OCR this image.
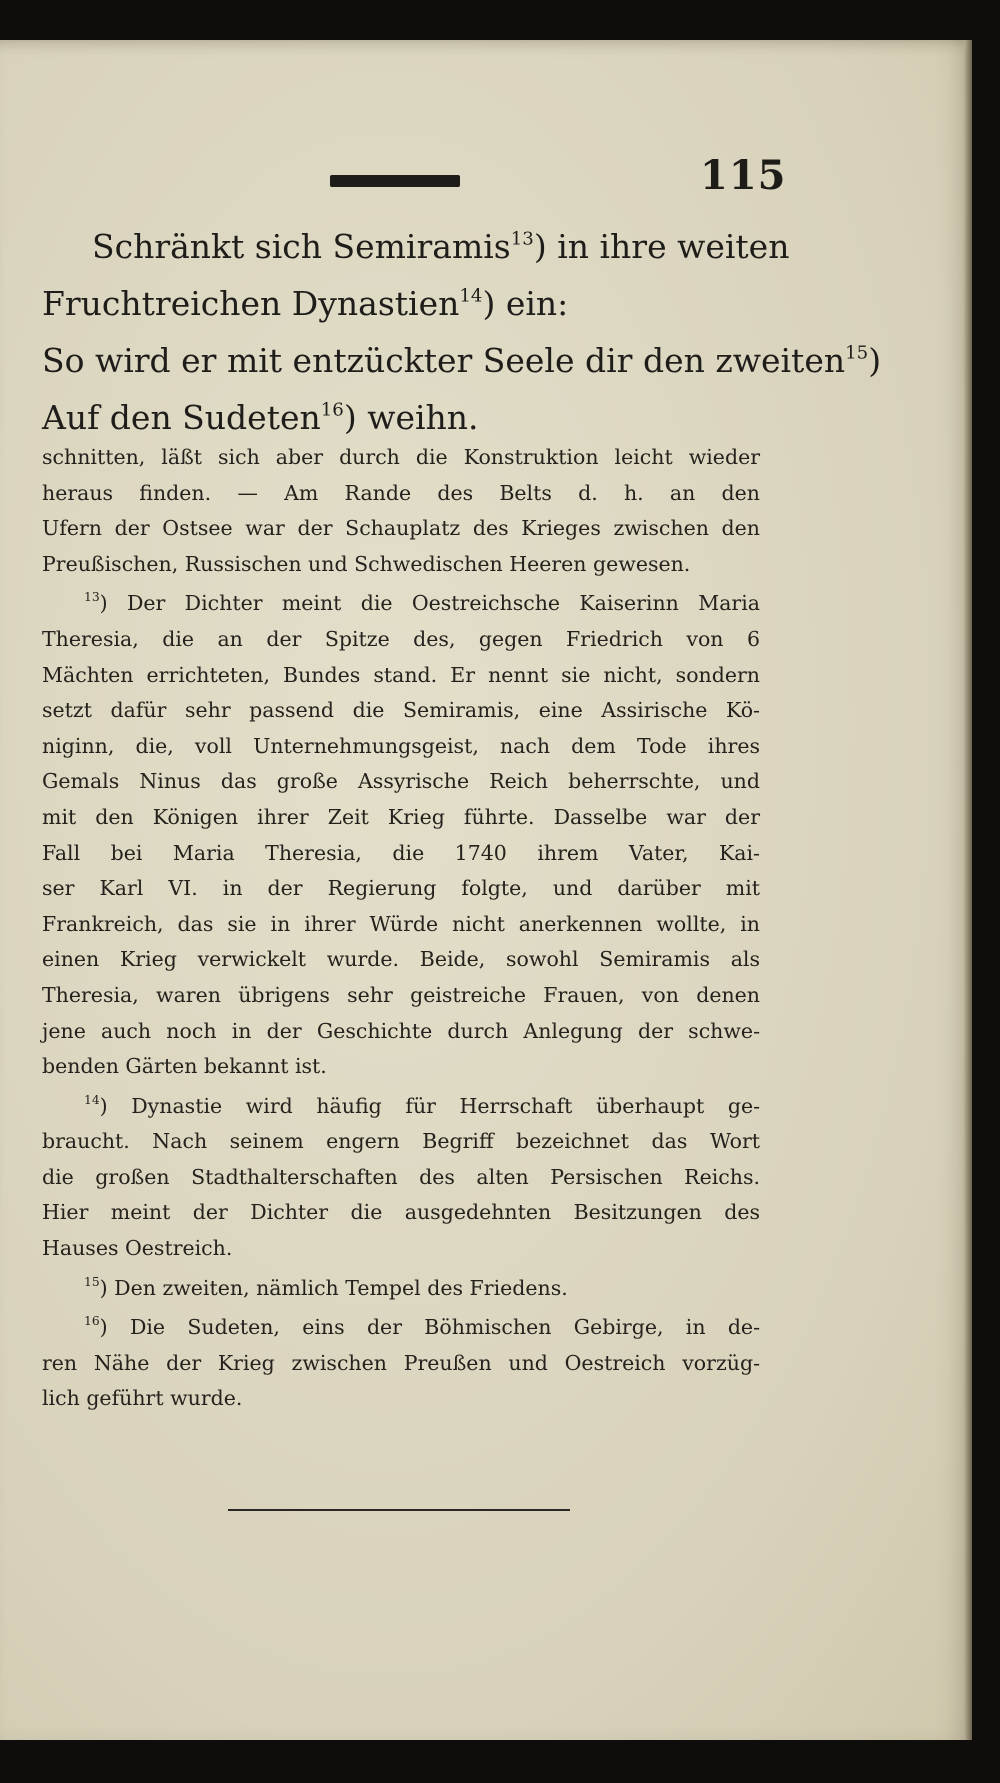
115
Schränkt sich Semiramis$^{13}$) in ihre weiten
Fruchtreichen Dynastien$^{14}$) ein:
So wird er mit entzückter Seele dir den zweiten$^{15}$)
Auf den Sudeten$^{16}$) weihn.
schnitten, läßt sich aber durch die Konstruktion leicht wieder
heraus finden. — Am Rande des Belts d. h. an den
Ufern der Ostsee war der Schauplatz des Krieges zwischen den
Preußischen, Russischen und Schwedischen Heeren gewesen.
$^{13}$) Der Dichter meint die Oestreichsche Kaiserinn Maria
Theresia, die an der Spitze des, gegen Friedrich von 6
Mächten errichteten, Bundes stand. Er nennt sie nicht, sondern
setzt dafür sehr passend die Semiramis, eine Assirische Kö-
niginn, die, voll Unternehmungsgeist, nach dem Tode ihres
Gemals Ninus das große Assyrische Reich beherrschte, und
mit den Königen ihrer Zeit Krieg führte. Dasselbe war der
Fall bei Maria Theresia, die 1740 ihrem Vater, Kai-
ser Karl VI. in der Regierung folgte, und darüber mit
Frankreich, das sie in ihrer Würde nicht anerkennen wollte, in
einen Krieg verwickelt wurde. Beide, sowohl Semiramis als
Theresia, waren übrigens sehr geistreiche Frauen, von denen
jene auch noch in der Geschichte durch Anlegung der schwe-
benden Gärten bekannt ist.
$^{14}$) Dynastie wird häufig für Herrschaft überhaupt ge-
braucht. Nach seinem engern Begriff bezeichnet das Wort
die großen Stadthalterschaften des alten Persischen Reichs.
Hier meint der Dichter die ausgedehnten Besitzungen des
Hauses Oestreich.
$^{15}$) Den zweiten, nämlich Tempel des Friedens.
$^{16}$) Die Sudeten, eins der Böhmischen Gebirge, in de-
ren Nähe der Krieg zwischen Preußen und Oestreich vorzüg-
lich geführt wurde.
